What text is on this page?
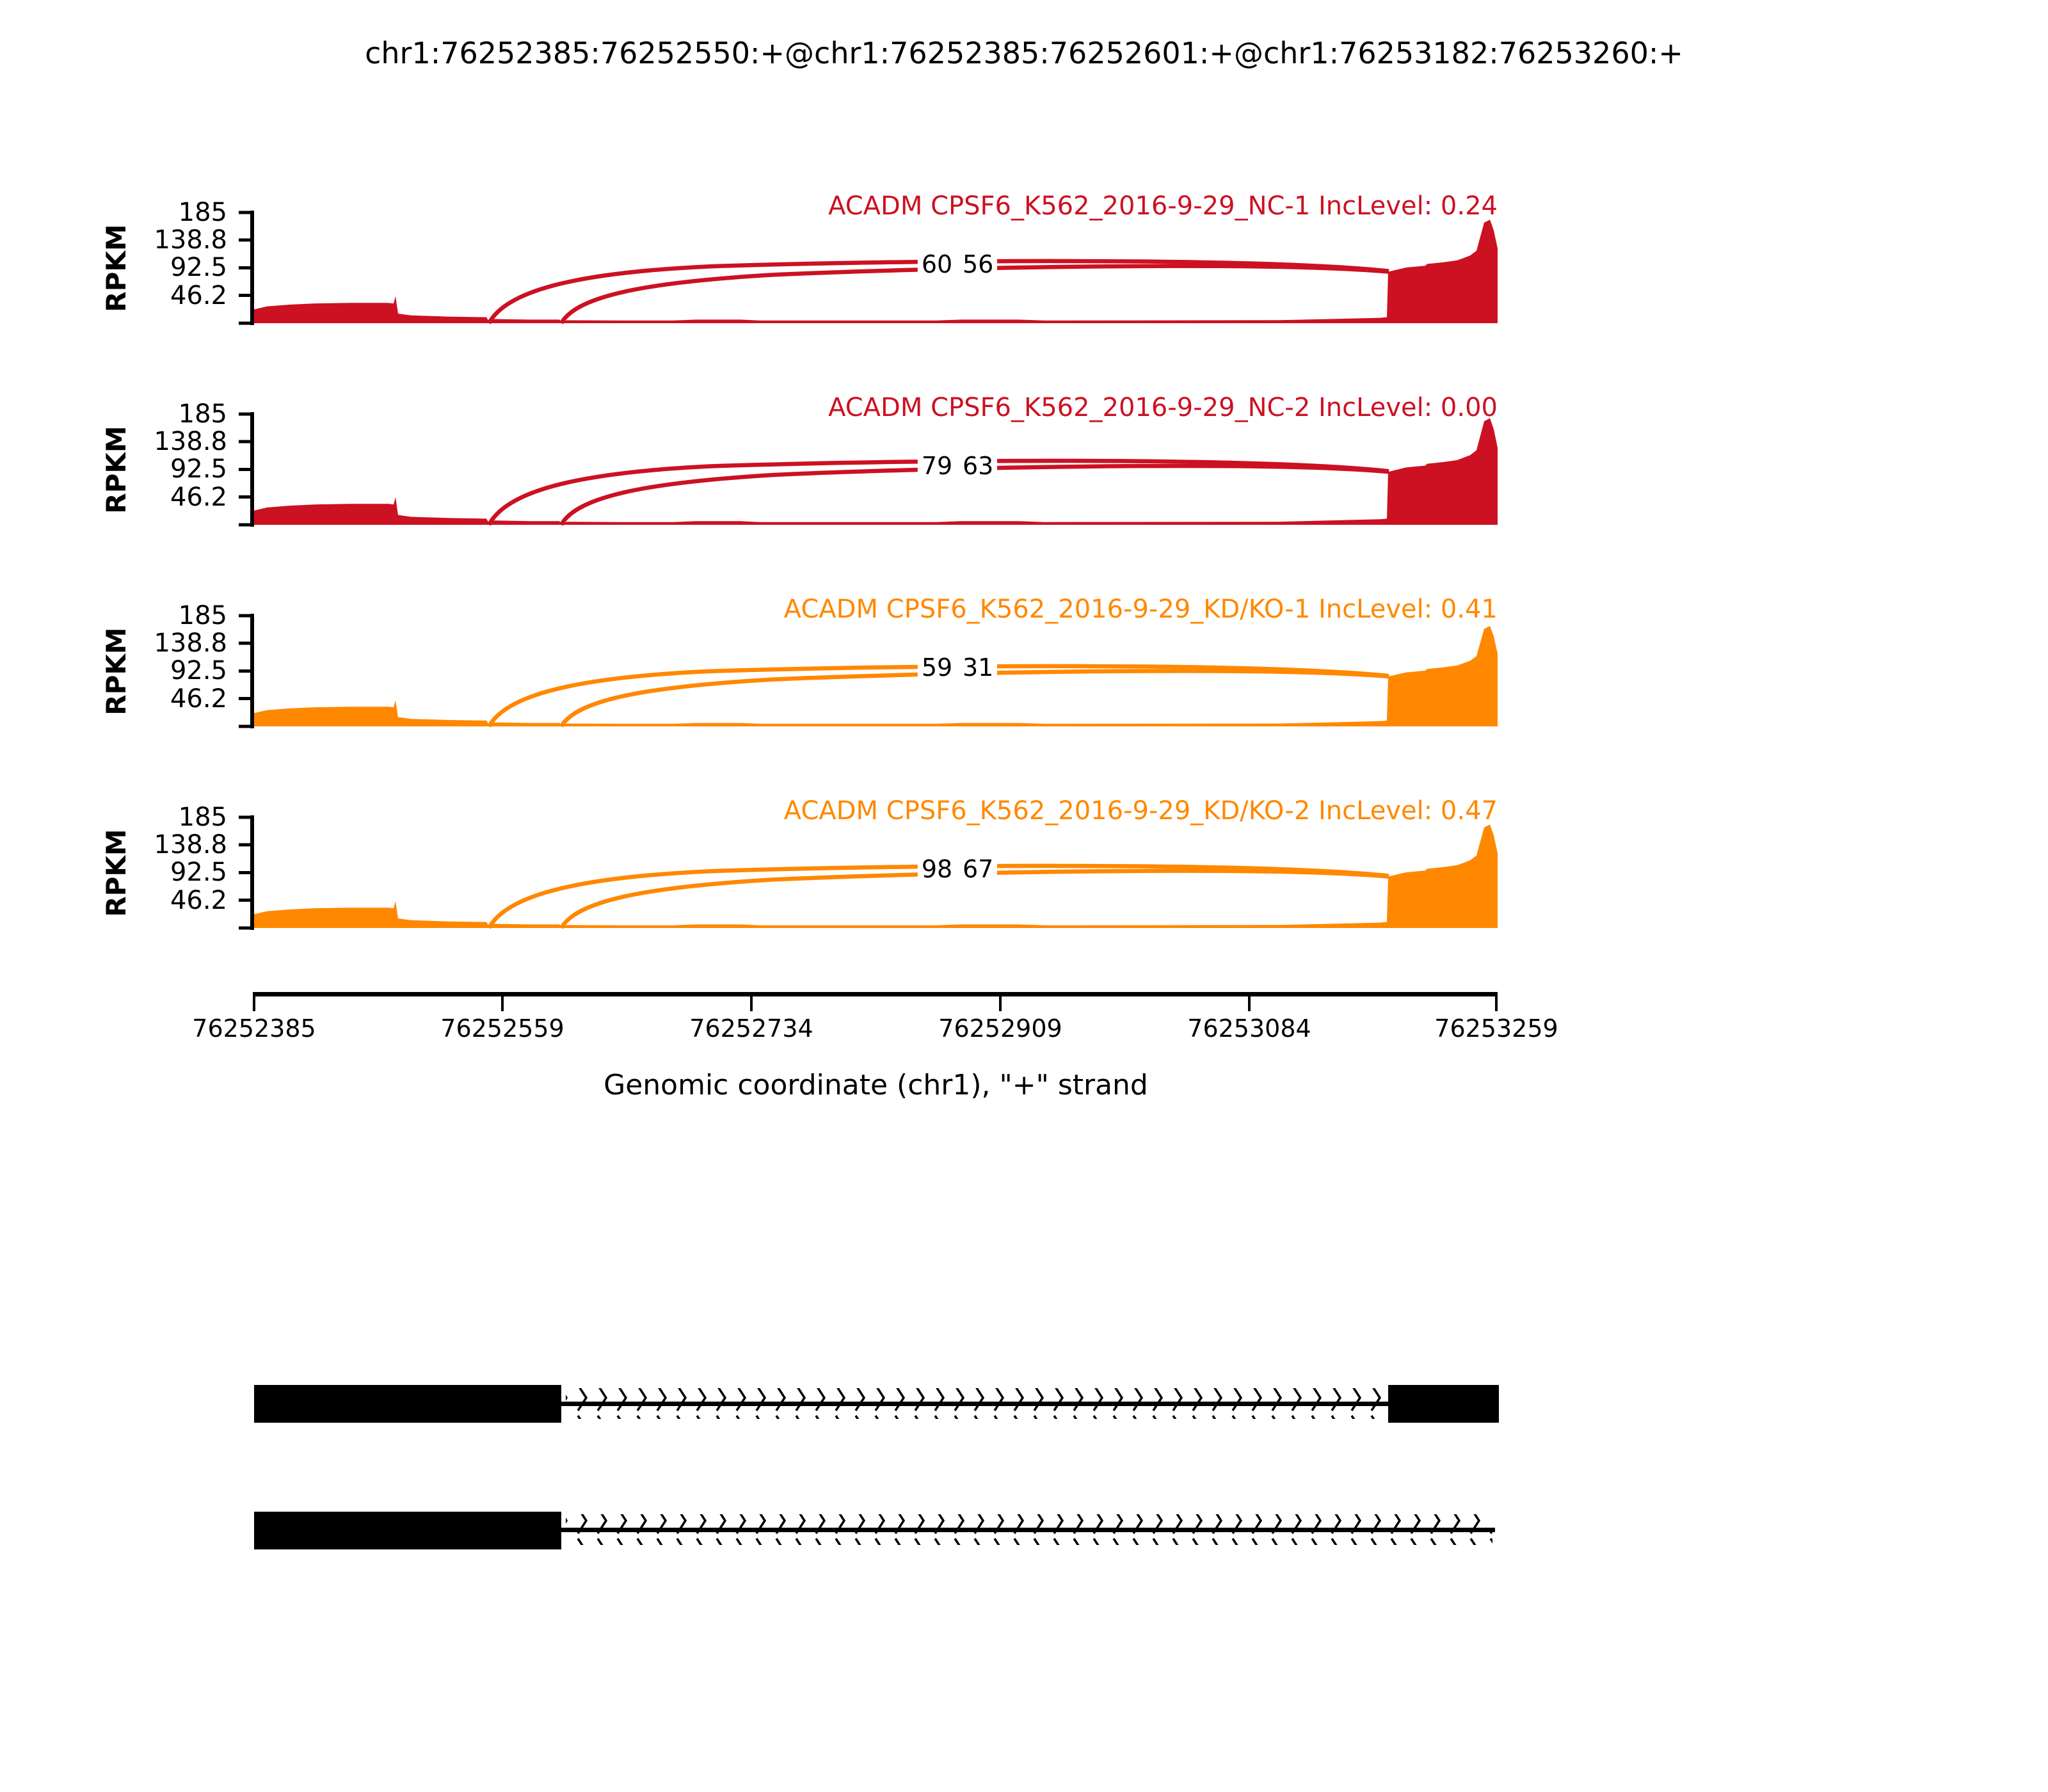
chr1:76252385:76252550:+@chr1:76252385:76252601:+@chr1:76253182:76253260:+
RPKM
185
138.8
92.5
46.2
ACADM CPSF6_K562_2016-9-29_NC-1 IncLevel: 0.24
60 56
RPKM
185
138.8
92.5
46.2
ACADM CPSF6_K562_2016-9-29_NC-2 IncLevel: 0.00
79 63
RPKM
185
138.8
92.5
46.2
ACADM CPSF6_K562_2016-9-29_KD/KO-1 IncLevel: 0.41
59 31
RPKM
185
138.8
92.5
46.2
ACADM CPSF6_K562_2016-9-29_KD/KO-2 IncLevel: 0.47
98 67
76252385	76252559	76252734	76252909	76253084	76253259
Genomic coordinate (chr1), "+" strand
